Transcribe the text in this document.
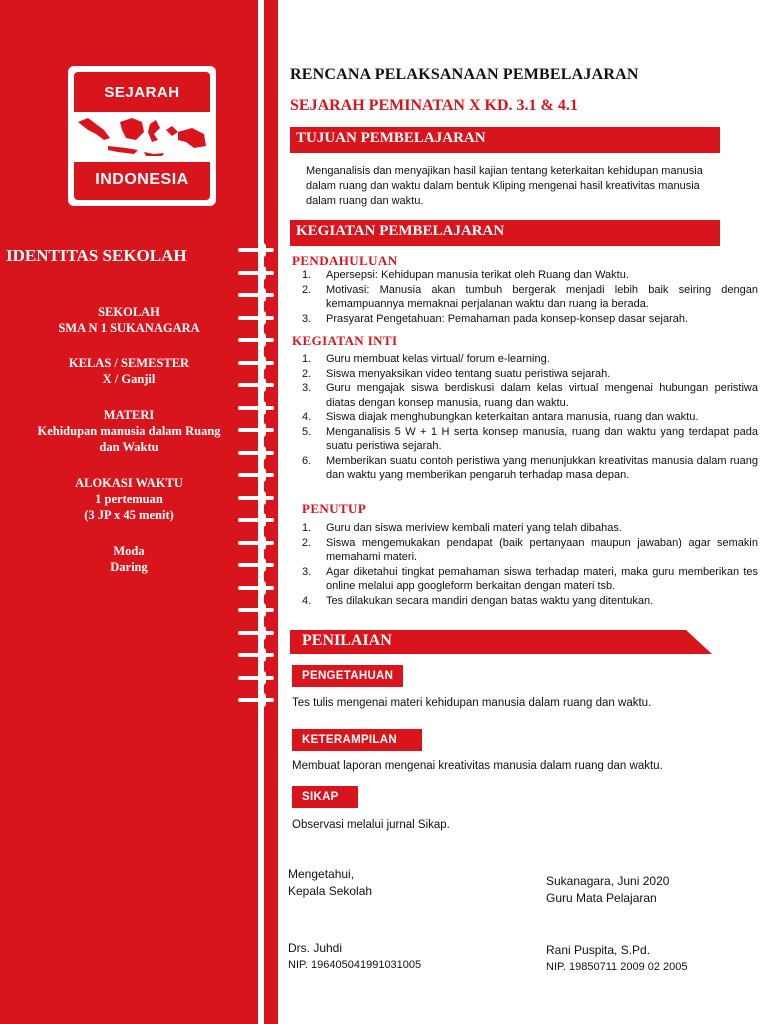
SEJARAH
INDONESIA
IDENTITAS SEKOLAH
SEKOLAH
SMA N 1 SUKANAGARA
KELAS / SEMESTER
X / Ganjil
MATERI
Kehidupan manusia dalam Ruang
dan Waktu
ALOKASI WAKTU
1 pertemuan
(3 JP x 45 menit)
Moda
Daring
RENCANA PELAKSANAAN PEMBELAJARAN
SEJARAH PEMINATAN X KD. 3.1 & 4.1
TUJUAN PEMBELAJARAN
Menganalisis dan menyajikan hasil kajian tentang keterkaitan kehidupan manusia dalam ruang dan waktu dalam bentuk Kliping mengenai hasil kreativitas manusia dalam ruang dan waktu.
KEGIATAN PEMBELAJARAN
PENDAHULUAN
1.	Apersepsi: Kehidupan manusia terikat oleh Ruang dan Waktu.
2.	Motivasi: Manusia akan tumbuh bergerak menjadi lebih baik seiring dengan kemampuannya memaknai perjalanan waktu dan ruang ia berada.
3.	Prasyarat Pengetahuan: Pemahaman pada konsep-konsep dasar sejarah.
KEGIATAN INTI
1.	Guru membuat kelas virtual/ forum e-learning.
2.	Siswa menyaksikan video tentang suatu peristiwa sejarah.
3.	Guru mengajak siswa berdiskusi dalam kelas virtual mengenai hubungan peristiwa diatas dengan konsep manusia, ruang dan waktu.
4.	Siswa diajak menghubungkan keterkaitan antara manusia, ruang dan waktu.
5.	Menganalisis 5 W + 1 H serta konsep manusia, ruang dan waktu yang terdapat pada suatu peristiwa sejarah.
6.	Memberikan suatu contoh peristiwa yang menunjukkan kreativitas manusia dalam ruang dan waktu yang memberikan pengaruh terhadap masa depan.
PENUTUP
1.	Guru dan siswa meriview kembali materi yang telah dibahas.
2.	Siswa mengemukakan pendapat (baik pertanyaan maupun jawaban) agar semakin memahami materi.
3.	Agar diketahui tingkat pemahaman siswa terhadap materi, maka guru memberikan tes online melalui app googleform berkaitan dengan materi tsb.
4.	Tes dilakukan secara mandiri dengan batas waktu yang ditentukan.
PENILAIAN
PENGETAHUAN
Tes tulis mengenai materi kehidupan manusia dalam ruang dan waktu.
KETERAMPILAN
Membuat laporan mengenai kreativitas manusia dalam ruang dan waktu.
SIKAP
Observasi melalui jurnal Sikap.
Mengetahui,
Kepala Sekolah
Drs. Juhdi
NIP. 196405041991031005
Sukanagara, Juni 2020
Guru Mata Pelajaran
Rani Puspita, S.Pd.
NIP. 19850711 2009 02 2005
